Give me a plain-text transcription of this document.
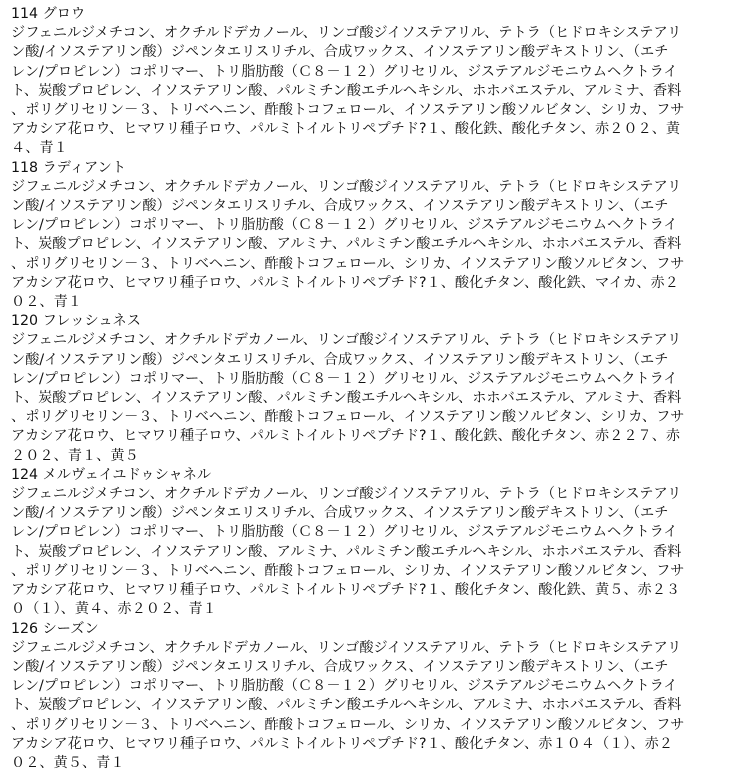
114 グロウ
ジフェニルジメチコン、オクチルドデカノール、リンゴ酸ジイソステアリル、テトラ（ヒドロキシステアリ
ン酸/イソステアリン酸）ジペンタエリスリチル、合成ワックス、イソステアリン酸デキストリン、（エチ
レン/プロピレン）コポリマー、トリ脂肪酸（Ｃ８－１２）グリセリル、ジステアルジモニウムヘクトライ
ト、炭酸プロピレン、イソステアリン酸、パルミチン酸エチルヘキシル、ホホバエステル、アルミナ、香料
、ポリグリセリン－３、トリベヘニン、酢酸トコフェロール、イソステアリン酸ソルビタン、シリカ、フサ
アカシア花ロウ、ヒマワリ種子ロウ、パルミトイルトリペプチド?１、酸化鉄、酸化チタン、赤２０２、黄
４、青１
118 ラディアント
ジフェニルジメチコン、オクチルドデカノール、リンゴ酸ジイソステアリル、テトラ（ヒドロキシステアリ
ン酸/イソステアリン酸）ジペンタエリスリチル、合成ワックス、イソステアリン酸デキストリン、（エチ
レン/プロピレン）コポリマー、トリ脂肪酸（Ｃ８－１２）グリセリル、ジステアルジモニウムヘクトライ
ト、炭酸プロピレン、イソステアリン酸、アルミナ、パルミチン酸エチルヘキシル、ホホバエステル、香料
、ポリグリセリン－３、トリベヘニン、酢酸トコフェロール、シリカ、イソステアリン酸ソルビタン、フサ
アカシア花ロウ、ヒマワリ種子ロウ、パルミトイルトリペプチド?１、酸化チタン、酸化鉄、マイカ、赤２
０２、青１
120 フレッシュネス
ジフェニルジメチコン、オクチルドデカノール、リンゴ酸ジイソステアリル、テトラ（ヒドロキシステアリ
ン酸/イソステアリン酸）ジペンタエリスリチル、合成ワックス、イソステアリン酸デキストリン、（エチ
レン/プロピレン）コポリマー、トリ脂肪酸（Ｃ８－１２）グリセリル、ジステアルジモニウムヘクトライ
ト、炭酸プロピレン、イソステアリン酸、パルミチン酸エチルヘキシル、ホホバエステル、アルミナ、香料
、ポリグリセリン－３、トリベヘニン、酢酸トコフェロール、イソステアリン酸ソルビタン、シリカ、フサ
アカシア花ロウ、ヒマワリ種子ロウ、パルミトイルトリペプチド?１、酸化鉄、酸化チタン、赤２２７、赤
２０２、青１、黄５
124 メルヴェイユドゥシャネル
ジフェニルジメチコン、オクチルドデカノール、リンゴ酸ジイソステアリル、テトラ（ヒドロキシステアリ
ン酸/イソステアリン酸）ジペンタエリスリチル、合成ワックス、イソステアリン酸デキストリン、（エチ
レン/プロピレン）コポリマー、トリ脂肪酸（Ｃ８－１２）グリセリル、ジステアルジモニウムヘクトライ
ト、炭酸プロピレン、イソステアリン酸、アルミナ、パルミチン酸エチルヘキシル、ホホバエステル、香料
、ポリグリセリン－３、トリベヘニン、酢酸トコフェロール、シリカ、イソステアリン酸ソルビタン、フサ
アカシア花ロウ、ヒマワリ種子ロウ、パルミトイルトリペプチド?１、酸化チタン、酸化鉄、黄５、赤２３
０（１）、黄４、赤２０２、青１
126 シーズン
ジフェニルジメチコン、オクチルドデカノール、リンゴ酸ジイソステアリル、テトラ（ヒドロキシステアリ
ン酸/イソステアリン酸）ジペンタエリスリチル、合成ワックス、イソステアリン酸デキストリン、（エチ
レン/プロピレン）コポリマー、トリ脂肪酸（Ｃ８－１２）グリセリル、ジステアルジモニウムヘクトライ
ト、炭酸プロピレン、イソステアリン酸、パルミチン酸エチルヘキシル、アルミナ、ホホバエステル、香料
、ポリグリセリン－３、トリベヘニン、酢酸トコフェロール、シリカ、イソステアリン酸ソルビタン、フサ
アカシア花ロウ、ヒマワリ種子ロウ、パルミトイルトリペプチド?１、酸化チタン、赤１０４（１）、赤２
０２、黄５、青１
